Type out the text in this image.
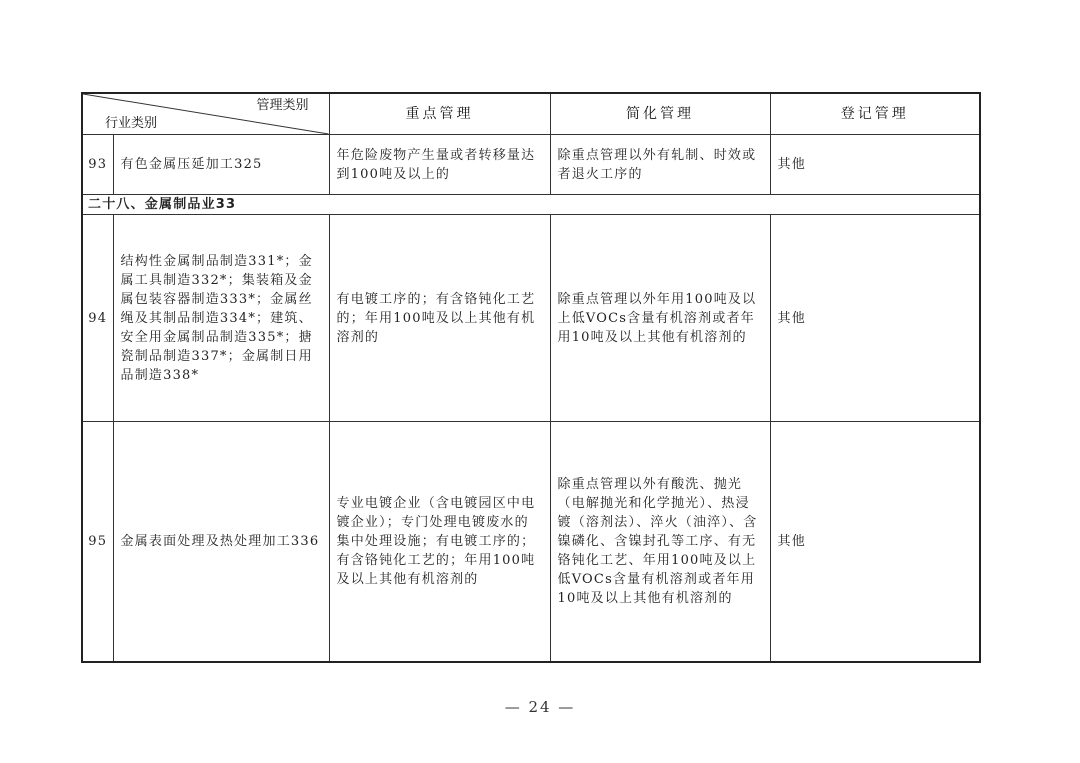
管理类别
行业类别		重点管理	简化管理	登记管理
93	有色金属压延加工325	年危险废物产生量或者转移量达到100吨及以上的	除重点管理以外有轧制、时效或者退火工序的	其他
二十八、金属制品业33				
94	结构性金属制品制造331*；金属工具制造332*；集装箱及金属包装容器制造333*；金属丝绳及其制品制造334*；建筑、安全用金属制品制造335*；搪瓷制品制造337*；金属制日用品制造338*	有电镀工序的；有含铬钝化工艺的；年用100吨及以上其他有机溶剂的	除重点管理以外年用100吨及以上低VOCs含量有机溶剂或者年用10吨及以上其他有机溶剂的	其他
95	金属表面处理及热处理加工336	专业电镀企业（含电镀园区中电镀企业）；专门处理电镀废水的集中处理设施；有电镀工序的；有含铬钝化工艺的；年用100吨及以上其他有机溶剂的	除重点管理以外有酸洗、抛光（电解抛光和化学抛光）、热浸镀（溶剂法）、淬火（油淬）、含镍磷化、含镍封孔等工序、有无铬钝化工艺、年用100吨及以上低VOCs含量有机溶剂或者年用10吨及以上其他有机溶剂的	其他
— 24 —
